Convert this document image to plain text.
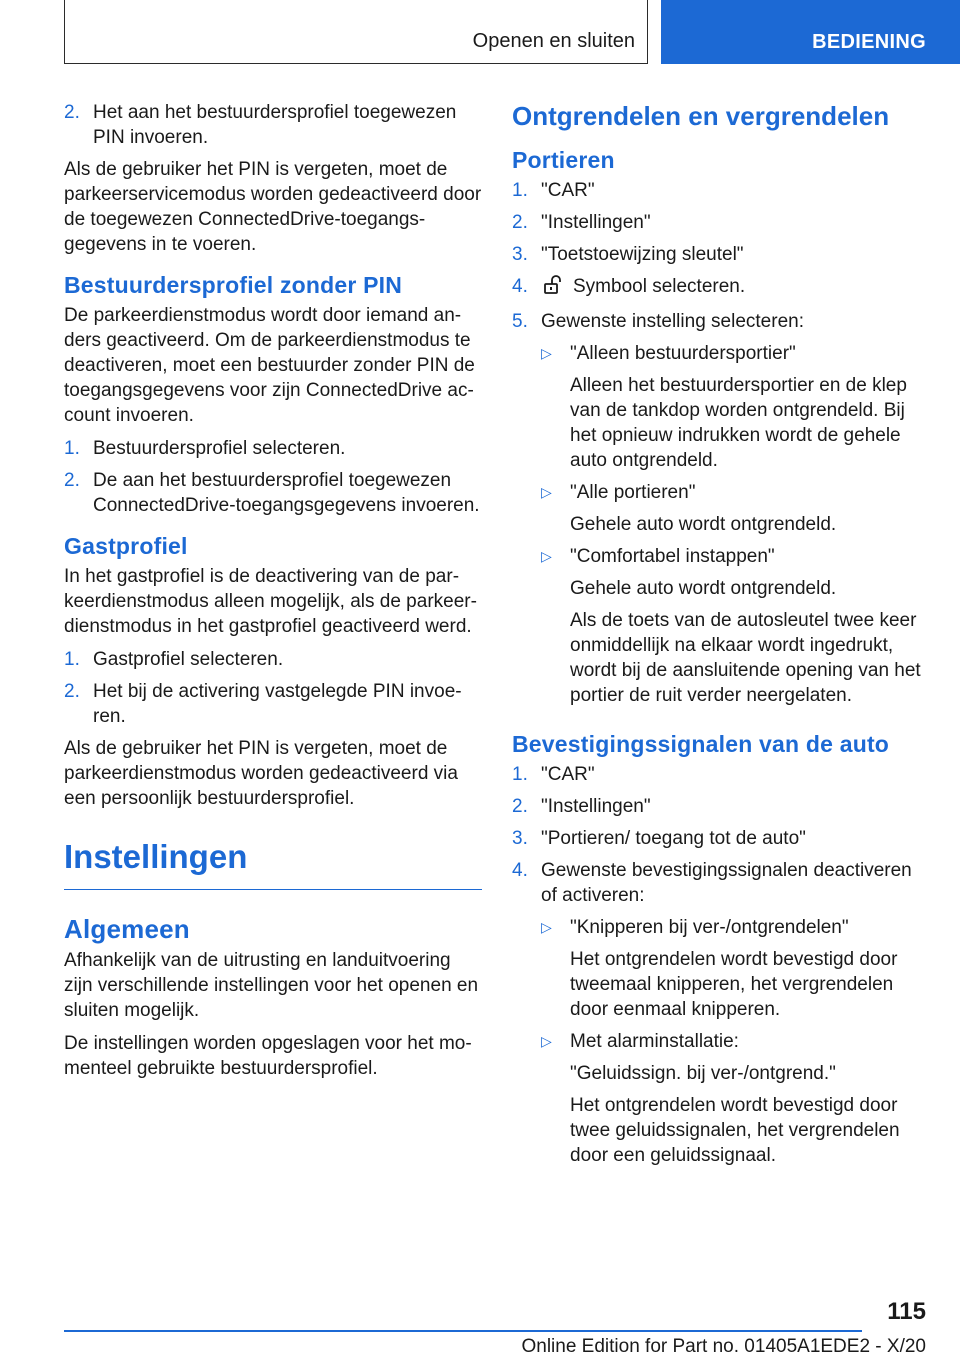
Openen en sluiten	BEDIENING
2. Het aan het bestuurdersprofiel toegewezen PIN invoeren.

Als de gebruiker het PIN is vergeten, moet de parkeerservicemodus worden gedeactiveerd door de toegewezen ConnectedDrive-toegangsgegevens in te voeren.

Bestuurdersprofiel zonder PIN

De parkeerdienstmodus wordt door iemand anders geactiveerd. Om de parkeerdienstmodus te deactiveren, moet een bestuurder zonder PIN de toegangsgegevens voor zijn ConnectedDrive account invoeren.

1. Bestuurdersprofiel selecteren.
2. De aan het bestuurdersprofiel toegewezen ConnectedDrive-toegangsgegevens invoeren.
Gastprofiel

In het gastprofiel is de deactivering van de parkeerdienstmodus alleen mogelijk, als de parkeerdienstmodus in het gastprofiel geactiveerd werd.

1. Gastprofiel selecteren.
2. Het bij de activering vastgelegde PIN invoeren.

Als de gebruiker het PIN is vergeten, moet de parkeerdienstmodus worden gedeactiveerd via een persoonlijk bestuurdersprofiel.

Instellingen
Algemeen

Afhankelijk van de uitrusting en landuitvoering zijn verschillende instellingen voor het openen en sluiten mogelijk.

De instellingen worden opgeslagen voor het momenteel gebruikte bestuurdersprofiel.

Ontgrendelen en vergrendelen
Portieren
1. "CAR"
2. "Instellingen"
3. "Toetstoewijzing sleutel"
4.	Symbool selecteren.
5. Gewenste instelling selecteren:
▷ "Alleen bestuurdersportier"

Alleen het bestuurdersportier en de klep van de tankdop worden ontgrendeld. Bij het opnieuw indrukken wordt de gehele auto ontgrendeld.

▷ "Alle portieren"

Gehele auto wordt ontgrendeld.

▷ "Comfortabel instappen"

Gehele auto wordt ontgrendeld.

Als de toets van de autosleutel twee keer onmiddellijk na elkaar wordt ingedrukt, wordt bij de aansluitende opening van het portier de ruit verder neergelaten.

Bevestigingssignalen van de auto
1. "CAR"
2. "Instellingen"
3. "Portieren/ toegang tot de auto"
4. Gewenste bevestigingssignalen deactiveren of activeren:
▷ "Knipperen bij ver-/ontgrendelen"

Het ontgrendelen wordt bevestigd door tweemaal knipperen, het vergrendelen door eenmaal knipperen.

▷ Met alarminstallatie:

"Geluidssign. bij ver-/ontgrend."

Het ontgrendelen wordt bevestigd door twee geluidssignalen, het vergrendelen door een geluidssignaal.

115
Online Edition for Part no. 01405A1EDE2 - X/20
